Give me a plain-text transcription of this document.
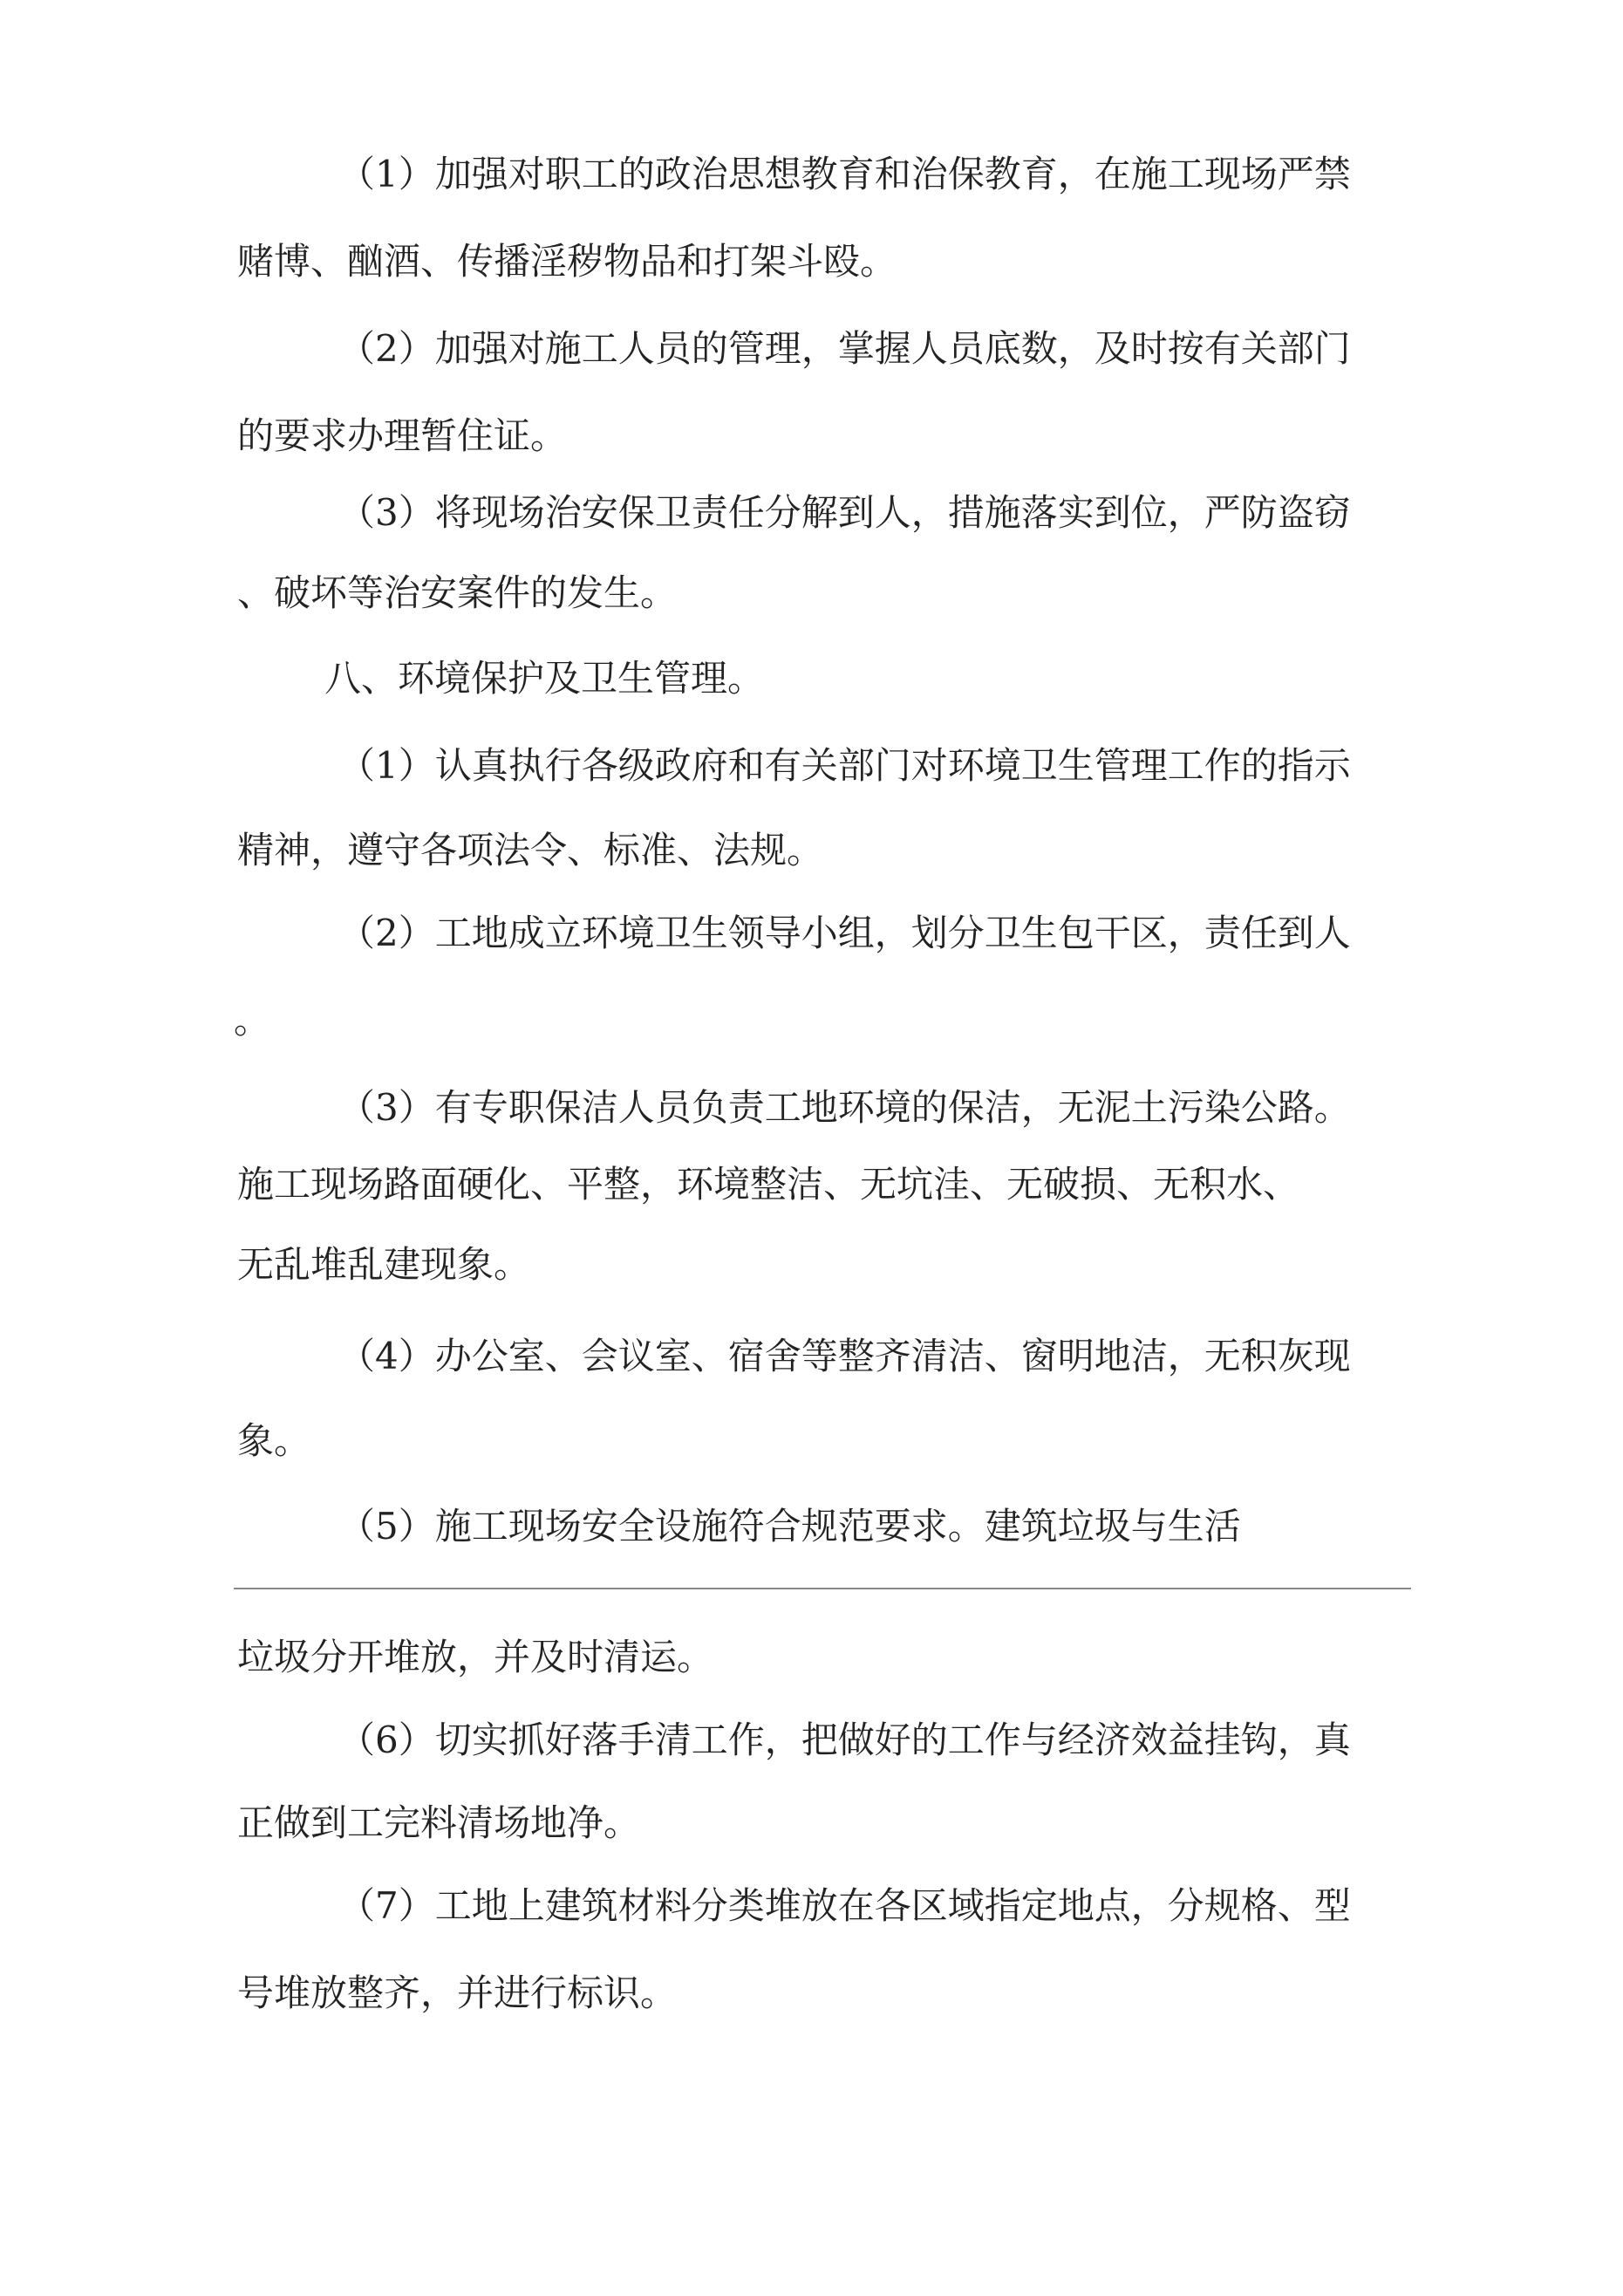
（1）加强对职工的政治思想教育和治保教育，在施工现场严禁
赌博、酗酒、传播淫秽物品和打架斗殴。
（2）加强对施工人员的管理，掌握人员底数，及时按有关部门
的要求办理暂住证。
（3）将现场治安保卫责任分解到人，措施落实到位，严防盗窃
、破坏等治安案件的发生。
八、环境保护及卫生管理。
（1）认真执行各级政府和有关部门对环境卫生管理工作的指示
精神，遵守各项法令、标准、法规。
（2）工地成立环境卫生领导小组，划分卫生包干区，责任到人
。
（3）有专职保洁人员负责工地环境的保洁，无泥土污染公路。
施工现场路面硬化、平整，环境整洁、无坑洼、无破损、无积水、
无乱堆乱建现象。
（4）办公室、会议室、宿舍等整齐清洁、窗明地洁，无积灰现
象。
（5）施工现场安全设施符合规范要求。建筑垃圾与生活
垃圾分开堆放，并及时清运。
（6）切实抓好落手清工作，把做好的工作与经济效益挂钩，真
正做到工完料清场地净。
（7）工地上建筑材料分类堆放在各区域指定地点，分规格、型
号堆放整齐，并进行标识。
